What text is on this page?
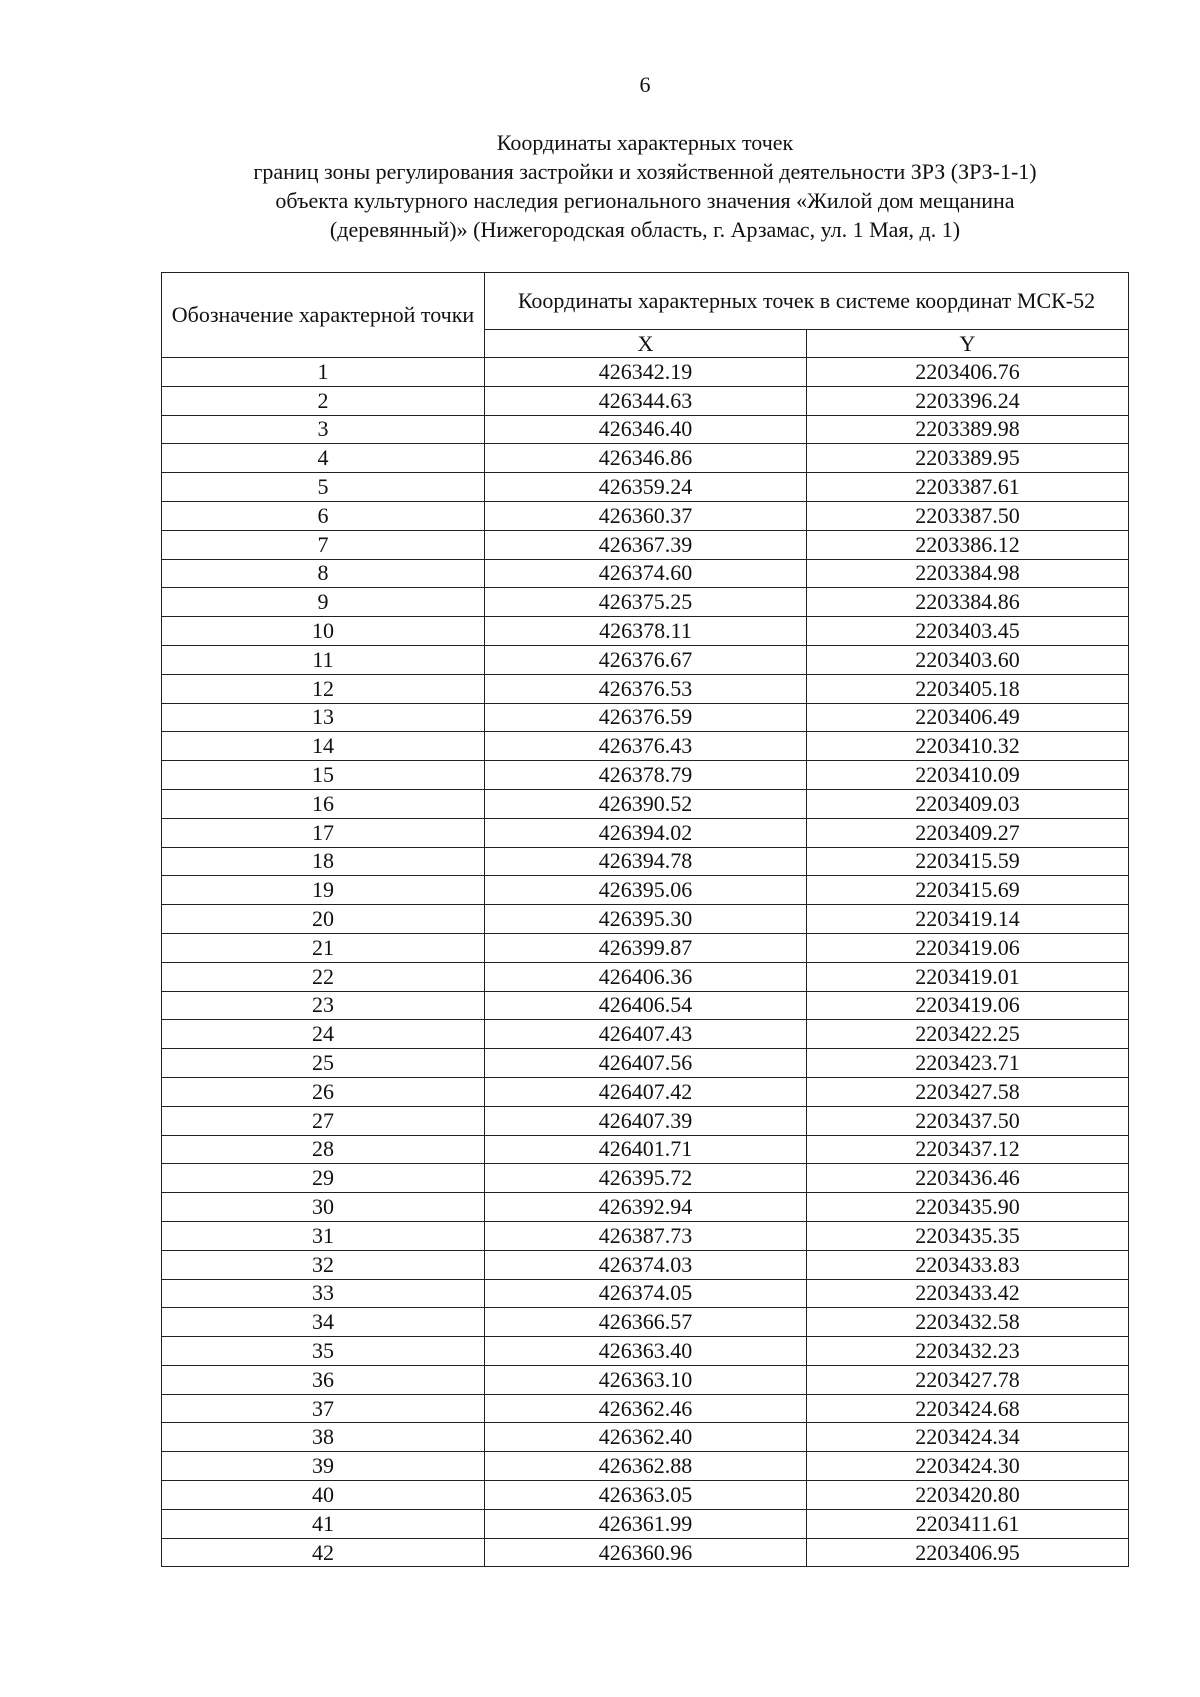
6
Координаты характерных точек
границ зоны регулирования застройки и хозяйственной деятельности ЗРЗ (ЗРЗ-1-1)
объекта культурного наследия регионального значения «Жилой дом мещанина
(деревянный)» (Нижегородская область, г. Арзамас, ул. 1 Мая, д. 1)
Обозначение характерной точки	Координаты характерных точек в системе координат МСК-52	
	X	Y
1	426342.19	2203406.76
2	426344.63	2203396.24
3	426346.40	2203389.98
4	426346.86	2203389.95
5	426359.24	2203387.61
6	426360.37	2203387.50
7	426367.39	2203386.12
8	426374.60	2203384.98
9	426375.25	2203384.86
10	426378.11	2203403.45
11	426376.67	2203403.60
12	426376.53	2203405.18
13	426376.59	2203406.49
14	426376.43	2203410.32
15	426378.79	2203410.09
16	426390.52	2203409.03
17	426394.02	2203409.27
18	426394.78	2203415.59
19	426395.06	2203415.69
20	426395.30	2203419.14
21	426399.87	2203419.06
22	426406.36	2203419.01
23	426406.54	2203419.06
24	426407.43	2203422.25
25	426407.56	2203423.71
26	426407.42	2203427.58
27	426407.39	2203437.50
28	426401.71	2203437.12
29	426395.72	2203436.46
30	426392.94	2203435.90
31	426387.73	2203435.35
32	426374.03	2203433.83
33	426374.05	2203433.42
34	426366.57	2203432.58
35	426363.40	2203432.23
36	426363.10	2203427.78
37	426362.46	2203424.68
38	426362.40	2203424.34
39	426362.88	2203424.30
40	426363.05	2203420.80
41	426361.99	2203411.61
42	426360.96	2203406.95
